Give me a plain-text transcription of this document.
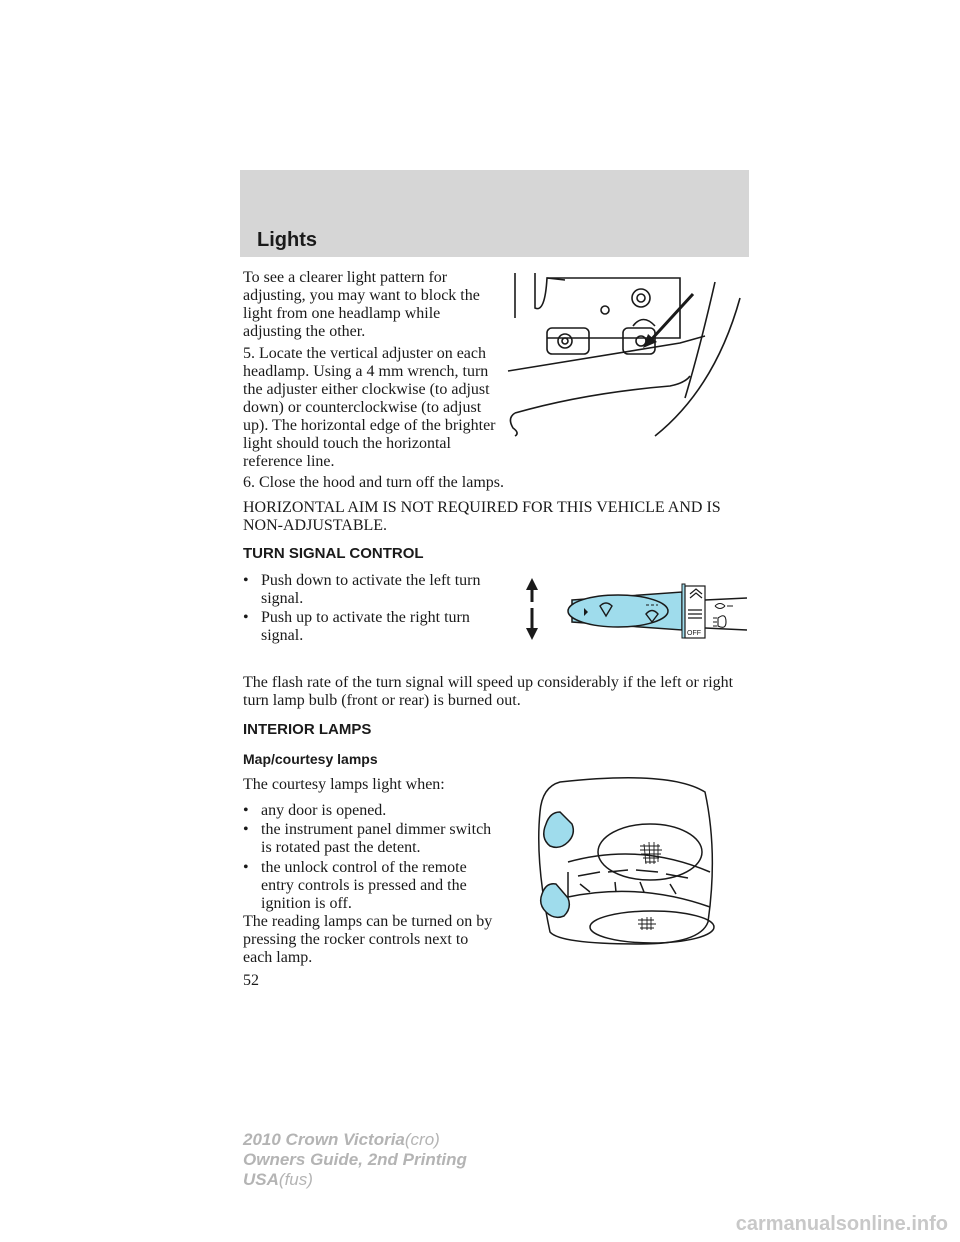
Lights
To see a clearer light pattern for adjusting, you may want to block the light from one headlamp while adjusting the other.
5. Locate the vertical adjuster on each headlamp. Using a 4 mm wrench, turn the adjuster either clockwise (to adjust down) or counterclockwise (to adjust up). The horizontal edge of the brighter light should touch the horizontal reference line.
6. Close the hood and turn off the lamps.
HORIZONTAL AIM IS NOT REQUIRED FOR THIS VEHICLE AND IS NON-ADJUSTABLE.
TURN SIGNAL CONTROL
• Push down to activate the left turn signal.
• Push up to activate the right turn signal.	OFF
The flash rate of the turn signal will speed up considerably if the left or right turn lamp bulb (front or rear) is burned out.
INTERIOR LAMPS
Map/courtesy lamps
The courtesy lamps light when:
• any door is opened.
• the instrument panel dimmer switch is rotated past the detent.
• the unlock control of the remote entry controls is pressed and the ignition is off.
The reading lamps can be turned on by pressing the rocker controls next to each lamp.
52
2010 Crown Victoria(cro)
Owners Guide, 2nd Printing
USA(fus)
carmanualsonline.info
